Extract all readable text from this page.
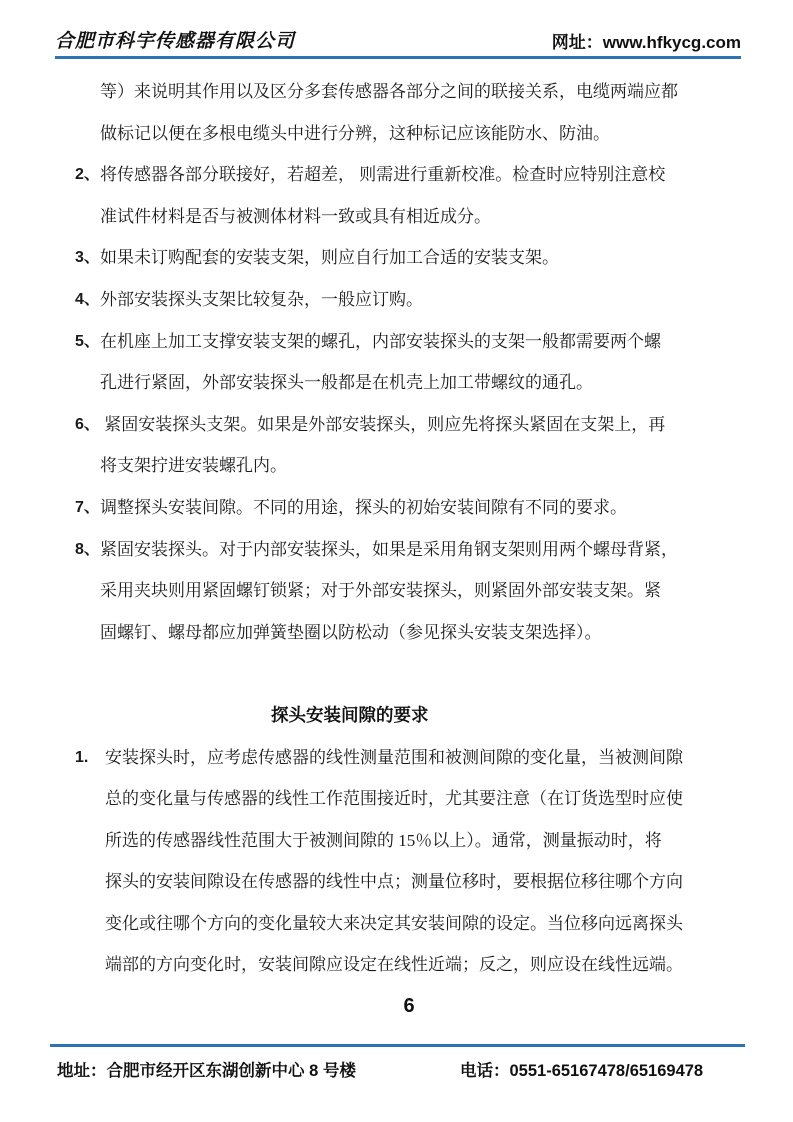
合肥市科宇传感器有限公司	网址：www.hfkycg.com
等）来说明其作用以及区分多套传感器各部分之间的联接关系，电缆两端应都
做标记以便在多根电缆头中进行分辨，这种标记应该能防水、防油。
2、 将传感器各部分联接好，若超差， 则需进行重新校准。检查时应特别注意校
准试件材料是否与被测体材料一致或具有相近成分。
3、 如果未订购配套的安装支架，则应自行加工合适的安装支架。
4、 外部安装探头支架比较复杂，一般应订购。
5、 在机座上加工支撑安装支架的螺孔，内部安装探头的支架一般都需要两个螺
孔进行紧固，外部安装探头一般都是在机壳上加工带螺纹的通孔。
6、 紧固安装探头支架。如果是外部安装探头，则应先将探头紧固在支架上，再
将支架拧进安装螺孔内。
7、 调整探头安装间隙。不同的用途，探头的初始安装间隙有不同的要求。
8、 紧固安装探头。对于内部安装探头，如果是采用角钢支架则用两个螺母背紧，
采用夹块则用紧固螺钉锁紧；对于外部安装探头，则紧固外部安装支架。紧
固螺钉、螺母都应加弹簧垫圈以防松动（参见探头安装支架选择）。
探头安装间隙的要求
1. 安装探头时，应考虑传感器的线性测量范围和被测间隙的变化量，当被测间隙
总的变化量与传感器的线性工作范围接近时，尤其要注意（在订货选型时应使
所选的传感器线性范围大于被测间隙的 15％以上）。通常，测量振动时，将
探头的安装间隙设在传感器的线性中点；测量位移时，要根据位移往哪个方向
变化或往哪个方向的变化量较大来决定其安装间隙的设定。当位移向远离探头
端部的方向变化时，安装间隙应设定在线性近端；反之，则应设在线性远端。
6

地址：合肥市经开区东湖创新中心 8 号楼

	电话：0551-65167478/65169478
